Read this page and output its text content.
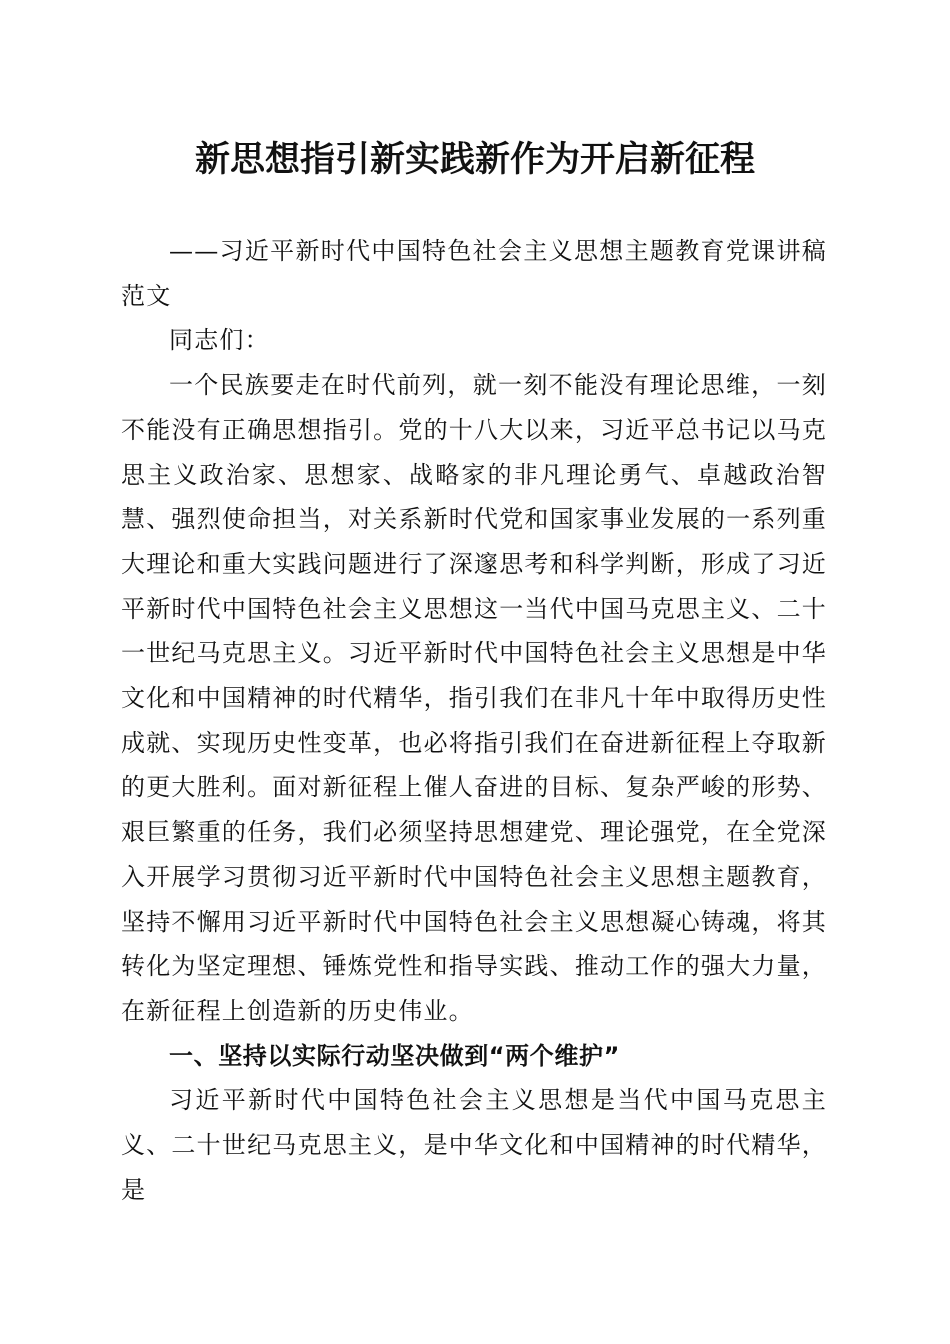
新思想指引新实践新作为开启新征程

——习近平新时代中国特色社会主义思想主题教育党课讲稿范文

同志们：

一个民族要走在时代前列，就一刻不能没有理论思维，一刻不能没有正确思想指引。党的十八大以来，习近平总书记以马克思主义政治家、思想家、战略家的非凡理论勇气、卓越政治智慧、强烈使命担当，对关系新时代党和国家事业发展的一系列重大理论和重大实践问题进行了深邃思考和科学判断，形成了习近平新时代中国特色社会主义思想这一当代中国马克思主义、二十一世纪马克思主义。习近平新时代中国特色社会主义思想是中华文化和中国精神的时代精华，指引我们在非凡十年中取得历史性成就、实现历史性变革，也必将指引我们在奋进新征程上夺取新的更大胜利。面对新征程上催人奋进的目标、复杂严峻的形势、艰巨繁重的任务，我们必须坚持思想建党、理论强党，在全党深入开展学习贯彻习近平新时代中国特色社会主义思想主题教育，坚持不懈用习近平新时代中国特色社会主义思想凝心铸魂，将其转化为坚定理想、锤炼党性和指导实践、推动工作的强大力量，在新征程上创造新的历史伟业。

一、坚持以实际行动坚决做到“两个维护”

习近平新时代中国特色社会主义思想是当代中国马克思主义、二十世纪马克思主义，是中华文化和中国精神的时代精华，是
